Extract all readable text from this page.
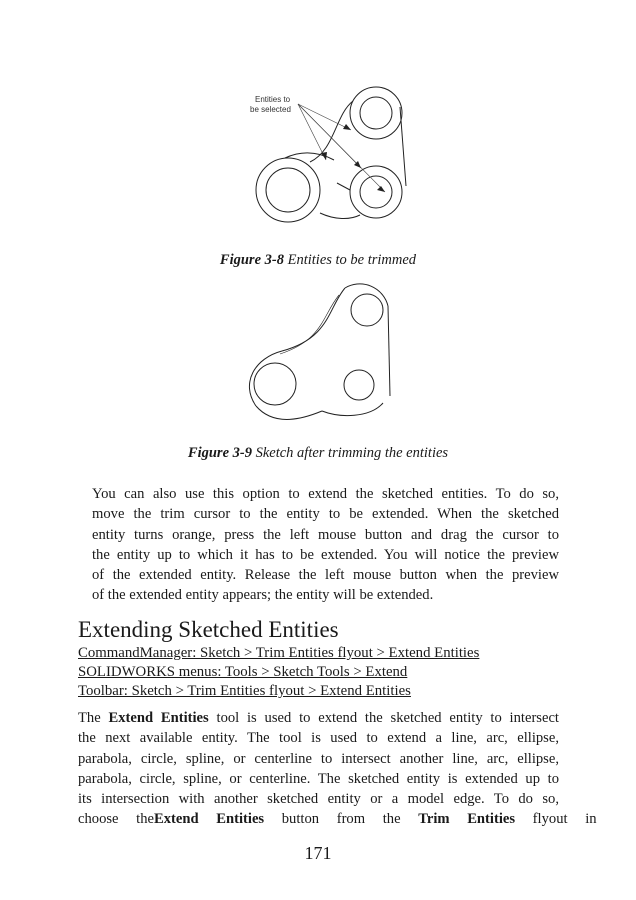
Entities to
be selected
Figure 3-8 Entities to be trimmed
Figure 3-9 Sketch after trimming the entities
You can also use this option to extend the sketched entities. To do so,
move the trim cursor to the entity to be extended. When the sketched
entity turns orange, press the left mouse button and drag the cursor to
the entity up to which it has to be extended. You will notice the preview
of the extended entity. Release the left mouse button when the preview
of the extended entity appears; the entity will be extended.
Extending Sketched Entities
CommandManager: Sketch > Trim Entities flyout > Extend Entities
SOLIDWORKS menus: Tools > Sketch Tools > Extend
Toolbar: Sketch > Trim Entities flyout > Extend Entities
The Extend Entities tool is used to extend the sketched entity to intersect
the next available entity. The tool is used to extend a line, arc, ellipse,
parabola, circle, spline, or centerline to intersect another line, arc, ellipse,
parabola, circle, spline, or centerline. The sketched entity is extended up to
its intersection with another sketched entity or a model edge. To do so,
choose theExtend Entities button from the Trim Entities flyout in
171
